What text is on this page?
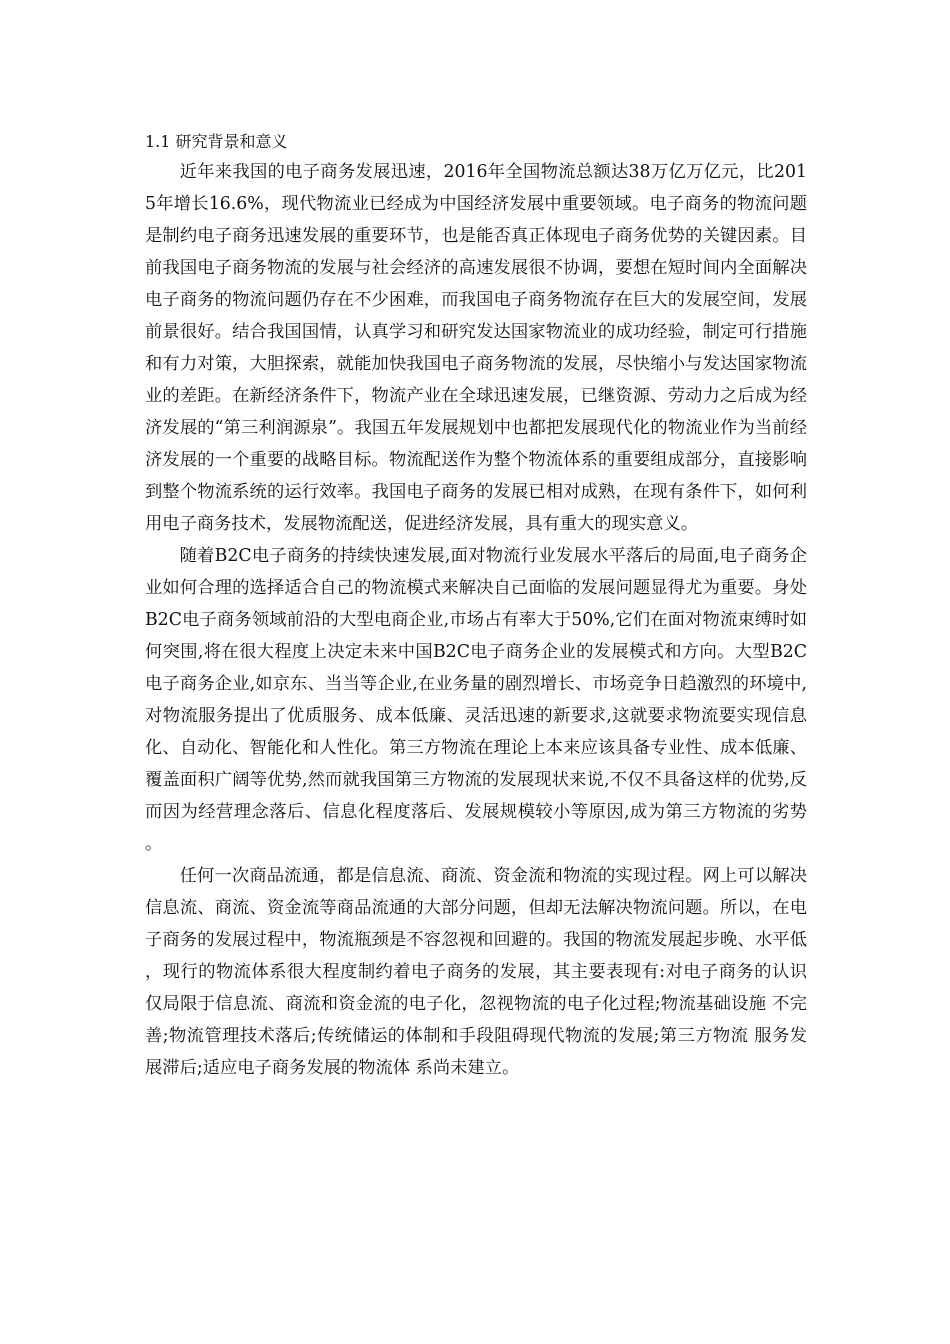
1.1 研究背景和意义

近年来我国的电子商务发展迅速，2016年全国物流总额达38万亿万亿元，比2015年增长16.6%，现代物流业已经成为中国经济发展中重要领域。电子商务的物流问题是制约电子商务迅速发展的重要环节，也是能否真正体现电子商务优势的关键因素。目前我国电子商务物流的发展与社会经济的高速发展很不协调，要想在短时间内全面解决电子商务的物流问题仍存在不少困难，而我国电子商务物流存在巨大的发展空间，发展前景很好。结合我国国情，认真学习和研究发达国家物流业的成功经验，制定可行措施和有力对策，大胆探索，就能加快我国电子商务物流的发展，尽快缩小与发达国家物流业的差距。在新经济条件下，物流产业在全球迅速发展，已继资源、劳动力之后成为经济发展的“第三利润源泉”。我国五年发展规划中也都把发展现代化的物流业作为当前经济发展的一个重要的战略目标。物流配送作为整个物流体系的重要组成部分，直接影响到整个物流系统的运行效率。我国电子商务的发展已相对成熟，在现有条件下，如何利用电子商务技术，发展物流配送，促进经济发展，具有重大的现实意义。

随着B2C电子商务的持续快速发展,面对物流行业发展水平落后的局面,电子商务企业如何合理的选择适合自己的物流模式来解决自己面临的发展问题显得尤为重要。身处B2C电子商务领域前沿的大型电商企业,市场占有率大于50%,它们在面对物流束缚时如何突围,将在很大程度上决定未来中国B2C电子商务企业的发展模式和方向。大型B2C电子商务企业,如京东、当当等企业,在业务量的剧烈增长、市场竞争日趋激烈的环境中,对物流服务提出了优质服务、成本低廉、灵活迅速的新要求,这就要求物流要实现信息化、自动化、智能化和人性化。第三方物流在理论上本来应该具备专业性、成本低廉、覆盖面积广阔等优势,然而就我国第三方物流的发展现状来说,不仅不具备这样的优势,反而因为经营理念落后、信息化程度落后、发展规模较小等原因,成为第三方物流的劣势。

任何一次商品流通，都是信息流、商流、资金流和物流的实现过程。网上可以解决信息流、商流、资金流等商品流通的大部分问题，但却无法解决物流问题。所以，在电子商务的发展过程中，物流瓶颈是不容忽视和回避的。我国的物流发展起步晚、水平低，现行的物流体系很大程度制约着电子商务的发展，其主要表现有:对电子商务的认识仅局限于信息流、商流和资金流的电子化，忽视物流的电子化过程;物流基础设施 不完善;物流管理技术落后;传统储运的体制和手段阻碍现代物流的发展;第三方物流 服务发展滞后;适应电子商务发展的物流体 系尚未建立。
